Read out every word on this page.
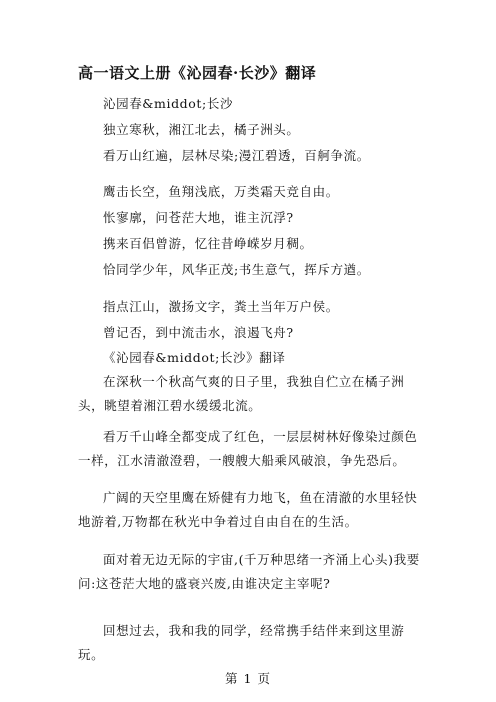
高一语文上册《沁园春·长沙》翻译
沁园春&middot;长沙
独立寒秋，湘江北去，橘子洲头。
看万山红遍，层林尽染;漫江碧透，百舸争流。
鹰击长空，鱼翔浅底，万类霜天竞自由。
怅寥廓，问苍茫大地，谁主沉浮?
携来百侣曾游，忆往昔峥嵘岁月稠。
恰同学少年，风华正茂;书生意气，挥斥方遒。
指点江山，激扬文字，粪土当年万户侯。
曾记否，到中流击水，浪遏飞舟?
《沁园春&middot;长沙》翻译

在深秋一个秋高气爽的日子里，我独自伫立在橘子洲头，眺望着湘江碧水缓缓北流。

看万千山峰全都变成了红色，一层层树林好像染过颜色一样，江水清澈澄碧，一艘艘大船乘风破浪，争先恐后。

广阔的天空里鹰在矫健有力地飞，鱼在清澈的水里轻快地游着,万物都在秋光中争着过自由自在的生活。

面对着无边无际的宇宙,(千万种思绪一齐涌上心头)我要问:这苍茫大地的盛衰兴废,由谁决定主宰呢?

回想过去，我和我的同学，经常携手结伴来到这里游玩。

第 1 页
